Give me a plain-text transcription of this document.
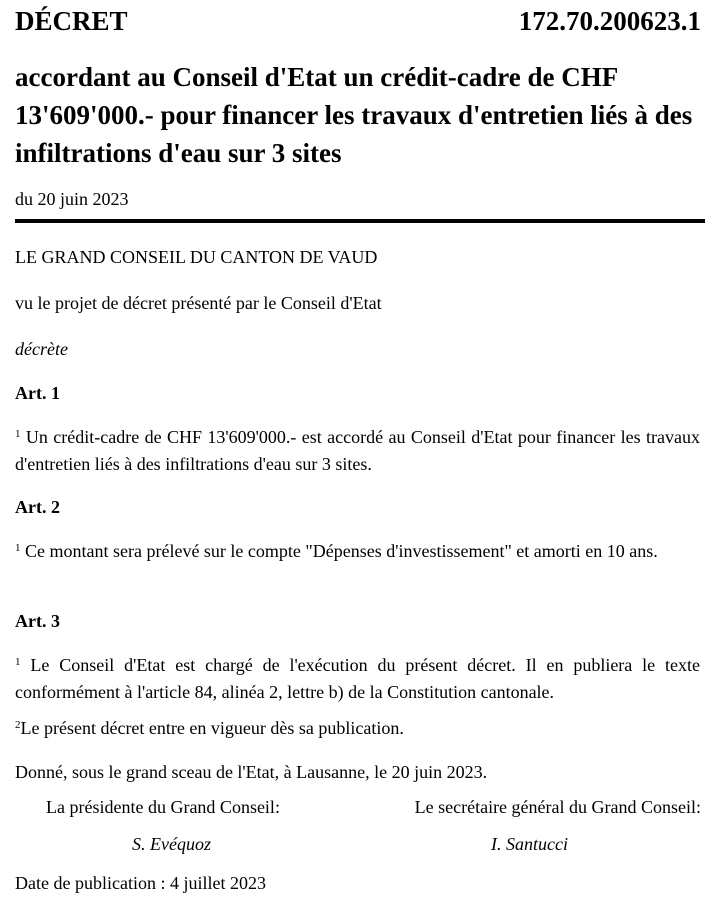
DÉCRET	172.70.200623.1
accordant au Conseil d'Etat un crédit-cadre de CHF 13'609'000.- pour financer les travaux d'entretien liés à des infiltrations d'eau sur 3 sites
du 20 juin 2023
LE GRAND CONSEIL DU CANTON DE VAUD
vu le projet de décret présenté par le Conseil d'Etat
décrète
Art. 1
$^1$ Un crédit-cadre de CHF 13'609'000.- est accordé au Conseil d'Etat pour financer les travaux d'entretien liés à des infiltrations d'eau sur 3 sites.
Art. 2
$^1$ Ce montant sera prélevé sur le compte "Dépenses d'investissement" et amorti en 10 ans.
Art. 3
$^1$ Le Conseil d'Etat est chargé de l'exécution du présent décret. Il en publiera le texte conformément à l'article 84, alinéa 2, lettre b) de la Constitution cantonale.
$^2$Le présent décret entre en vigueur dès sa publication.
Donné, sous le grand sceau de l'Etat, à Lausanne, le 20 juin 2023.
La présidente du Grand Conseil:	Le secrétaire général du Grand Conseil:
S. Evéquoz	I. Santucci
Date de publication : 4 juillet 2023
